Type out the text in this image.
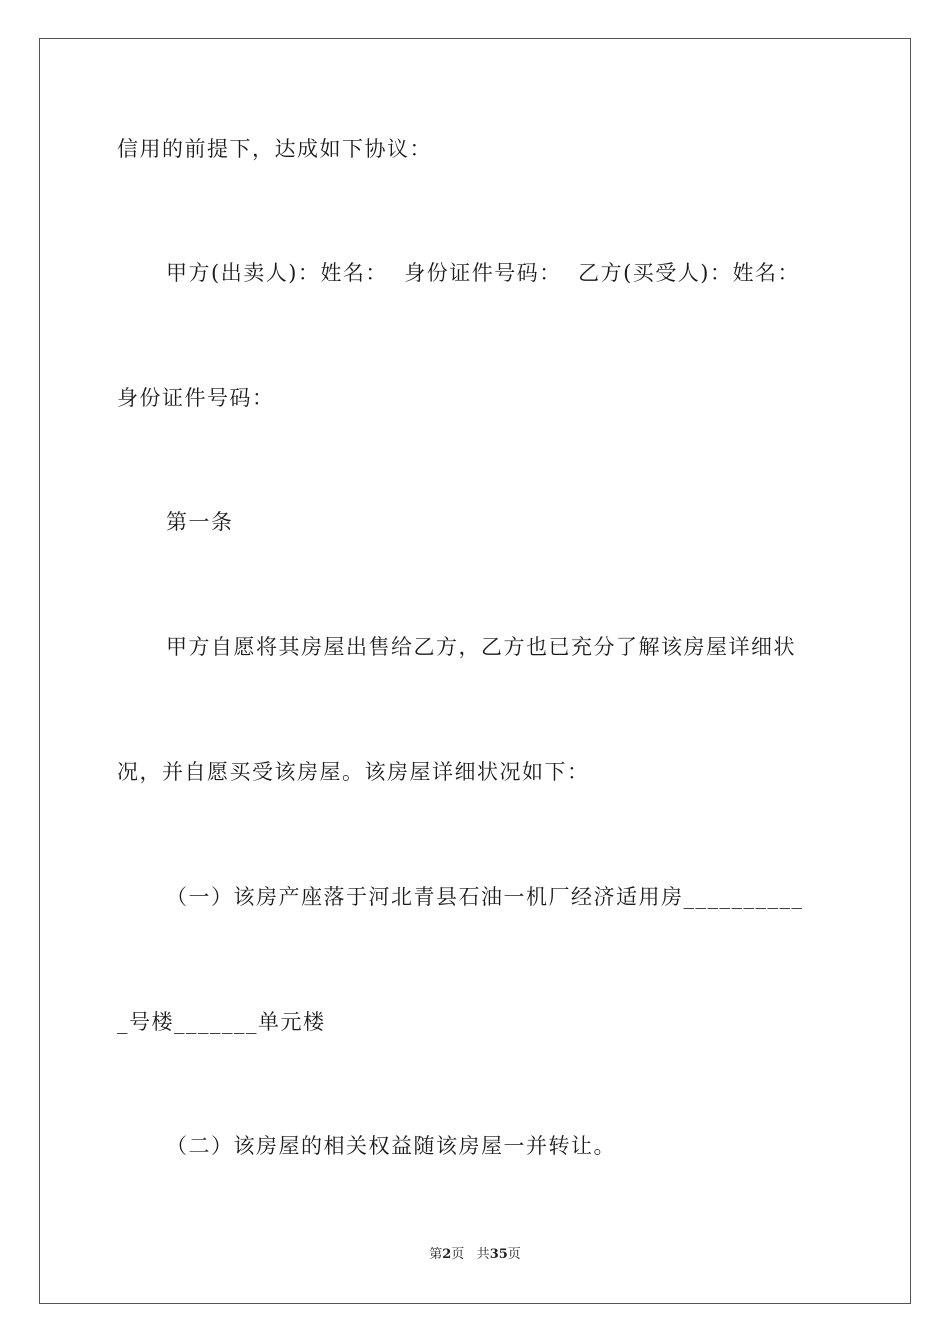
信用的前提下，达成如下协议：
甲方(出卖人)：姓名：  身份证件号码：  乙方(买受人)：姓名：
身份证件号码：
第一条
甲方自愿将其房屋出售给乙方，乙方也已充分了解该房屋详细状
况，并自愿买受该房屋。该房屋详细状况如下：
（一）该房产座落于河北青县石油一机厂经济适用房__________
_号楼_______单元楼
（二）该房屋的相关权益随该房屋一并转让。
第2页 共35页
